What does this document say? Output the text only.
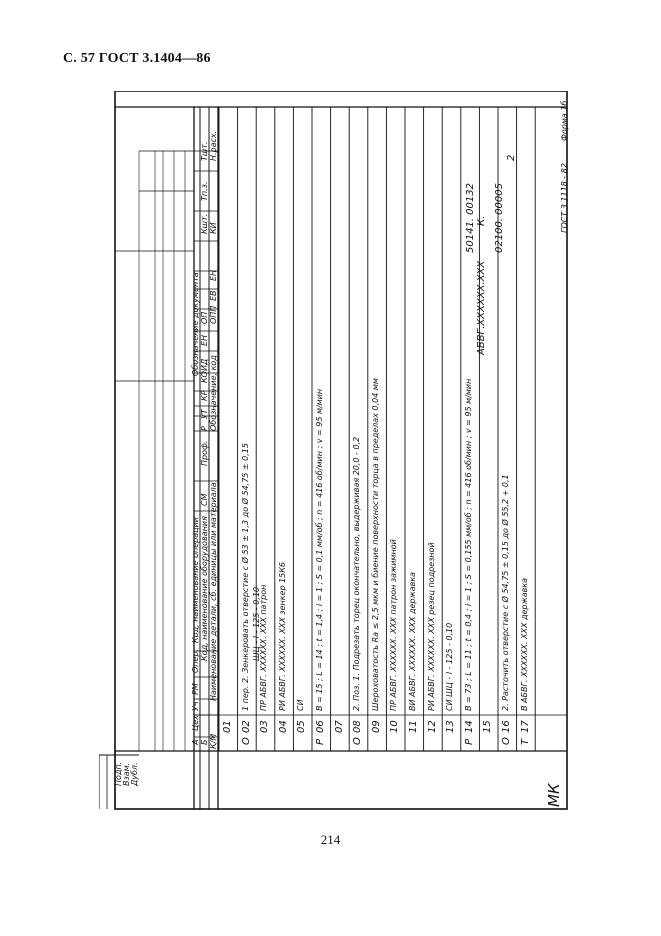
С. 57 ГОСТ 3.1404—86
ГОСТ 3.1118 - 82
Форма 1б
2
02100. 00005
АБВГ.ХХХХХХ.ХХХ
К.
50141. 00132
Дубл.
Взам.
Подп.
А
Цех
Уч
РМ
Опер.
Код, наименование операции
Обозначение документа
Б
Код, наименование оборудования
СМ
Проф.
Р
УТ
КР
КОИД
ЕН
ОП
Кшт.
Тп.з.
Тшт.
К/М
Наименование детали, сб. единицы или материала
Обозначение, код
ОПП
ЕВ
ЕН
КИ
Н.расх.
01
О
02
1 пер. 2. Зенкеровать отверстие с Ø 53 ± 1,3 до Ø 54,75 ± 0,15
03
ПР АБВГ. ХХХХХХ. ХХХ патрон
04
РИ АБВГ. ХХХХХХ. ХХХ зенкер 15К6
05
СИ
Р
06
В = 15 ; L = 14 ; t = 1,4 ; i = 1 ; S = 0,1 мм/об ; n = 416 об/мин ; v = 95 м/мин
07
О
08
2. Поз. 1. Подрезать торец окончательно, выдерживая 20,0 - 0,2
09
Шероховатость Ra ≤ 2,5 мкм и биение поверхности торца в пределах 0,04 мм
10
ПР АБВГ. ХХХХХХ. ХХХ патрон зажимной
11
ВИ АБВГ. ХХХХХХ. ХХХ державка
12
РИ АБВГ. ХХХХХХ. ХХХ резец подрезной
13
СИ ШЦ - I - 125 - 0,10
Р
14
В = 73 ; L = 11 ; t = 0,4 ; i = 1 ; S = 0,155 мм/об ; n = 416 об/мин ; v = 95 м/мин
15
О
16
2. Расточить отверстие с Ø 54,75 ± 0,15 до Ø 55,2 + 0,1
Т
17
В АБВГ. ХХХХХХ. ХХХ державка
ШЦ - I - 125 - 0,10
МК
214
